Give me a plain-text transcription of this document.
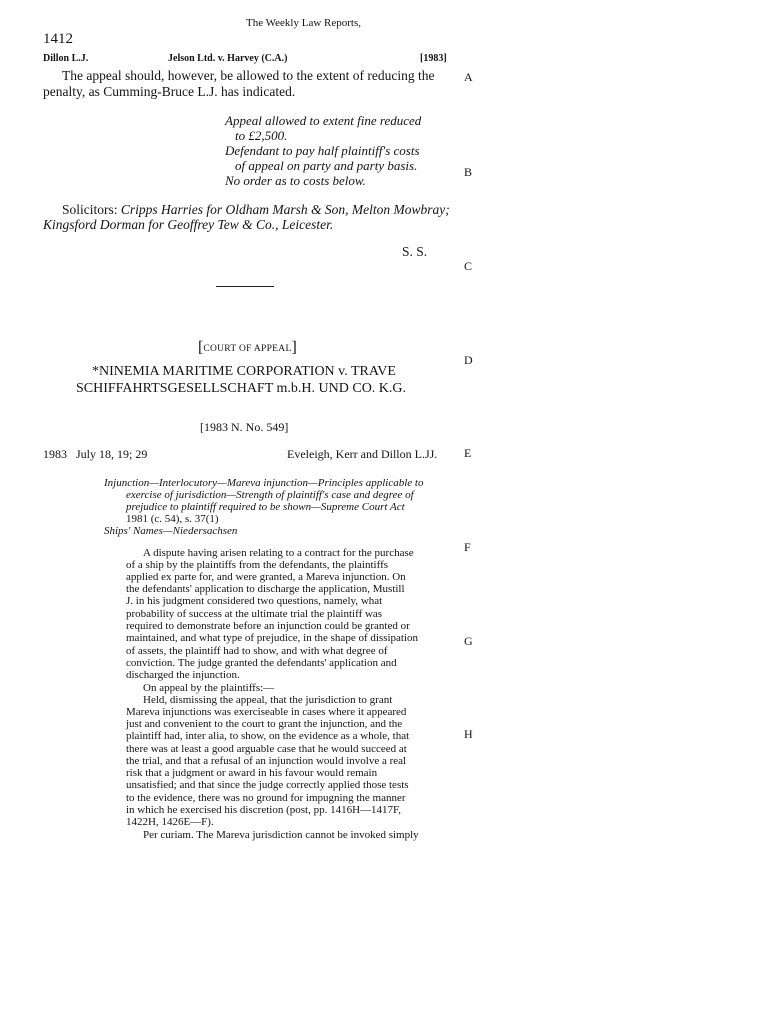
The Weekly Law Reports,
1412
Dillon L.J.	Jelson Ltd. v. Harvey (C.A.)	[1983]
The appeal should, however, be allowed to the extent of reducing the
penalty, as Cumming-Bruce L.J. has indicated.
Appeal allowed to extent fine reduced
to £2,500.
Defendant to pay half plaintiff's costs
of appeal on party and party basis.
No order as to costs below.
Solicitors: Cripps Harries for Oldham Marsh & Son, Melton Mowbray;
Kingsford Dorman for Geoffrey Tew & Co., Leicester.
S. S.
[COURT OF APPEAL]
*NINEMIA MARITIME CORPORATION v. TRAVE
SCHIFFAHRTSGESELLSCHAFT m.b.H. UND CO. K.G.
[1983 N. No. 549]
1983   July 18, 19; 29	Eveleigh, Kerr and Dillon L.JJ.
Injunction—Interlocutory—Mareva injunction—Principles applicable to
exercise of jurisdiction—Strength of plaintiff's case and degree of
prejudice to plaintiff required to be shown—Supreme Court Act
1981 (c. 54), s. 37(1)
Ships' Names—Niedersachsen
A dispute having arisen relating to a contract for the purchase
of a ship by the plaintiffs from the defendants, the plaintiffs
applied ex parte for, and were granted, a Mareva injunction. On
the defendants' application to discharge the application, Mustill
J. in his judgment considered two questions, namely, what
probability of success at the ultimate trial the plaintiff was
required to demonstrate before an injunction could be granted or
maintained, and what type of prejudice, in the shape of dissipation
of assets, the plaintiff had to show, and with what degree of
conviction. The judge granted the defendants' application and
discharged the injunction.
On appeal by the plaintiffs:—
Held, dismissing the appeal, that the jurisdiction to grant
Mareva injunctions was exerciseable in cases where it appeared
just and convenient to the court to grant the injunction, and the
plaintiff had, inter alia, to show, on the evidence as a whole, that
there was at least a good arguable case that he would succeed at
the trial, and that a refusal of an injunction would involve a real
risk that a judgment or award in his favour would remain
unsatisfied; and that since the judge correctly applied those tests
to the evidence, there was no ground for impugning the manner
in which he exercised his discretion (post, pp. 1416H—1417F,
1422H, 1426E—F).
Per curiam. The Mareva jurisdiction cannot be invoked simply
A
B
C
D
E
F
G
H
